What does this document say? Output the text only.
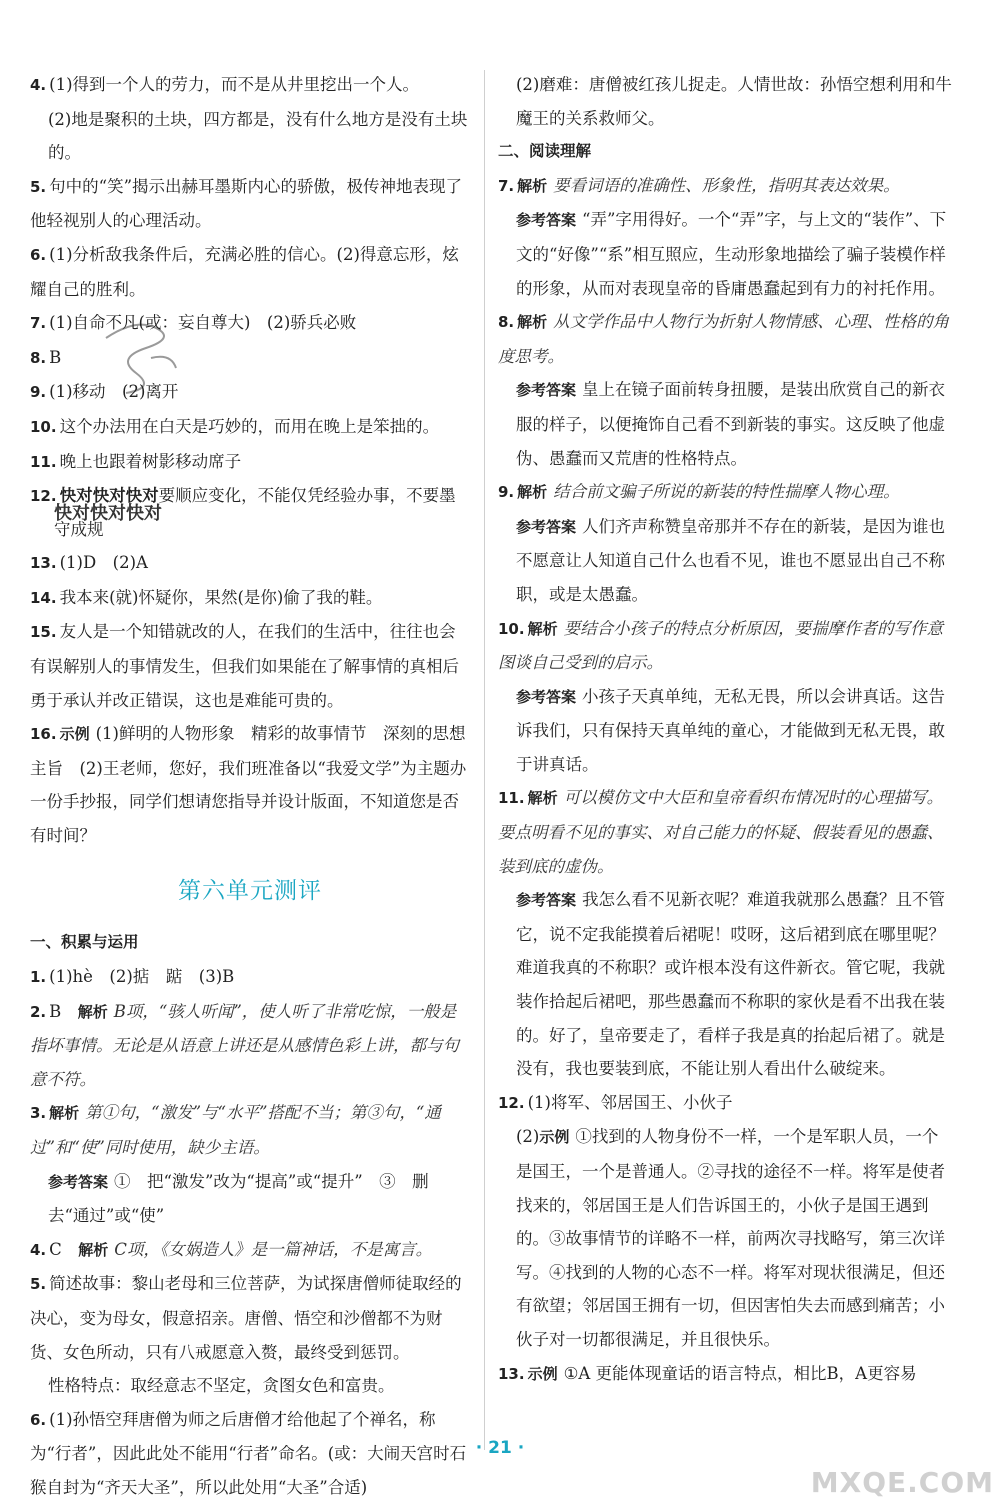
4. (1)得到一个人的劳力，而不是从井里挖出一个人。
(2)地是聚积的土块，四方都是，没有什么地方是没有土块的。
5. 句中的“笑”揭示出赫耳墨斯内心的骄傲，极传神地表现了他轻视别人的心理活动。
6. (1)分析敌我条件后，充满必胜的信心。(2)得意忘形，炫耀自己的胜利。
7. (1)自命不凡(或：妄自尊大)　(2)骄兵必败
8. B
9. (1)移动　(2)离开
10. 这个办法用在白天是巧妙的，而用在晚上是笨拙的。
11. 晚上也跟着树影移动席子
12. 快对快对快对要顺应变化，不能仅凭经验办事，不要墨
快对快对快对
守成规
13. (1)D　(2)A
14. 我本来(就)怀疑你，果然(是你)偷了我的鞋。
15. 友人是一个知错就改的人，在我们的生活中，往往也会有误解别人的事情发生，但我们如果能在了解事情的真相后勇于承认并改正错误，这也是难能可贵的。
16. 示例 (1)鲜明的人物形象　精彩的故事情节　深刻的思想主旨　(2)王老师，您好，我们班准备以“我爱文学”为主题办一份手抄报，同学们想请您指导并设计版面，不知道您是否有时间？
第六单元测评
一、积累与运用
1. (1)hè　(2)掂　踮　(3)B
2. B　 解析 B项，“骇人听闻”，使人听了非常吃惊，一般是指坏事情。无论是从语意上讲还是从感情色彩上讲，都与句意不符。
3. 解析 第①句，“激发”与“水平”搭配不当；第③句，“通过”和“使”同时使用，缺少主语。
参考答案 ①　把“激发”改为“提高”或“提升”　③　删去“通过”或“使”
4. C　 解析 C项，《女娲造人》是一篇神话，不是寓言。
5. 简述故事：黎山老母和三位菩萨，为试探唐僧师徒取经的决心，变为母女，假意招亲。唐僧、悟空和沙僧都不为财货、女色所动，只有八戒愿意入赘，最终受到惩罚。
性格特点：取经意志不坚定，贪图女色和富贵。
6. (1)孙悟空拜唐僧为师之后唐僧才给他起了个禅名，称为“行者”，因此此处不能用“行者”命名。(或：大闹天宫时石猴自封为“齐天大圣”，所以此处用“大圣”合适)
(2)磨难：唐僧被红孩儿捉走。人情世故：孙悟空想利用和牛魔王的关系救师父。
二、阅读理解
7. 解析 要看词语的准确性、形象性，指明其表达效果。
参考答案 “弄”字用得好。一个“弄”字，与上文的“装作”、下文的“好像”“系”相互照应，生动形象地描绘了骗子装模作样的形象，从而对表现皇帝的昏庸愚蠢起到有力的衬托作用。
8. 解析 从文学作品中人物行为折射人物情感、心理、性格的角度思考。
参考答案 皇上在镜子面前转身扭腰，是装出欣赏自己的新衣服的样子，以便掩饰自己看不到新装的事实。这反映了他虚伪、愚蠢而又荒唐的性格特点。
9. 解析 结合前文骗子所说的新装的特性揣摩人物心理。
参考答案 人们齐声称赞皇帝那并不存在的新装，是因为谁也不愿意让人知道自己什么也看不见，谁也不愿显出自己不称职，或是太愚蠢。
10. 解析 要结合小孩子的特点分析原因，要揣摩作者的写作意图谈自己受到的启示。
参考答案 小孩子天真单纯，无私无畏，所以会讲真话。这告诉我们，只有保持天真单纯的童心，才能做到无私无畏，敢于讲真话。
11. 解析 可以模仿文中大臣和皇帝看织布情况时的心理描写。要点明看不见的事实、对自己能力的怀疑、假装看见的愚蠢、装到底的虚伪。
参考答案 我怎么看不见新衣呢？难道我就那么愚蠢？且不管它，说不定我能摸着后裙呢！哎呀，这后裙到底在哪里呢？难道我真的不称职？或许根本没有这件新衣。管它呢，我就装作拾起后裙吧，那些愚蠢而不称职的家伙是看不出我在装的。好了，皇帝要走了，看样子我是真的抬起后裙了。就是没有，我也要装到底，不能让别人看出什么破绽来。
12. (1)将军、邻居国王、小伙子
(2)示例 ①找到的人物身份不一样，一个是军职人员，一个是国王，一个是普通人。②寻找的途径不一样。将军是使者找来的，邻居国王是人们告诉国王的，小伙子是国王遇到的。③故事情节的详略不一样，前两次寻找略写，第三次详写。④找到的人物的心态不一样。将军对现状很满足，但还有欲望；邻居国王拥有一切，但因害怕失去而感到痛苦；小伙子对一切都很满足，并且很快乐。
13. 示例 ①A 更能体现童话的语言特点，相比B，A更容易
· 21 ·
MXQE.COM
